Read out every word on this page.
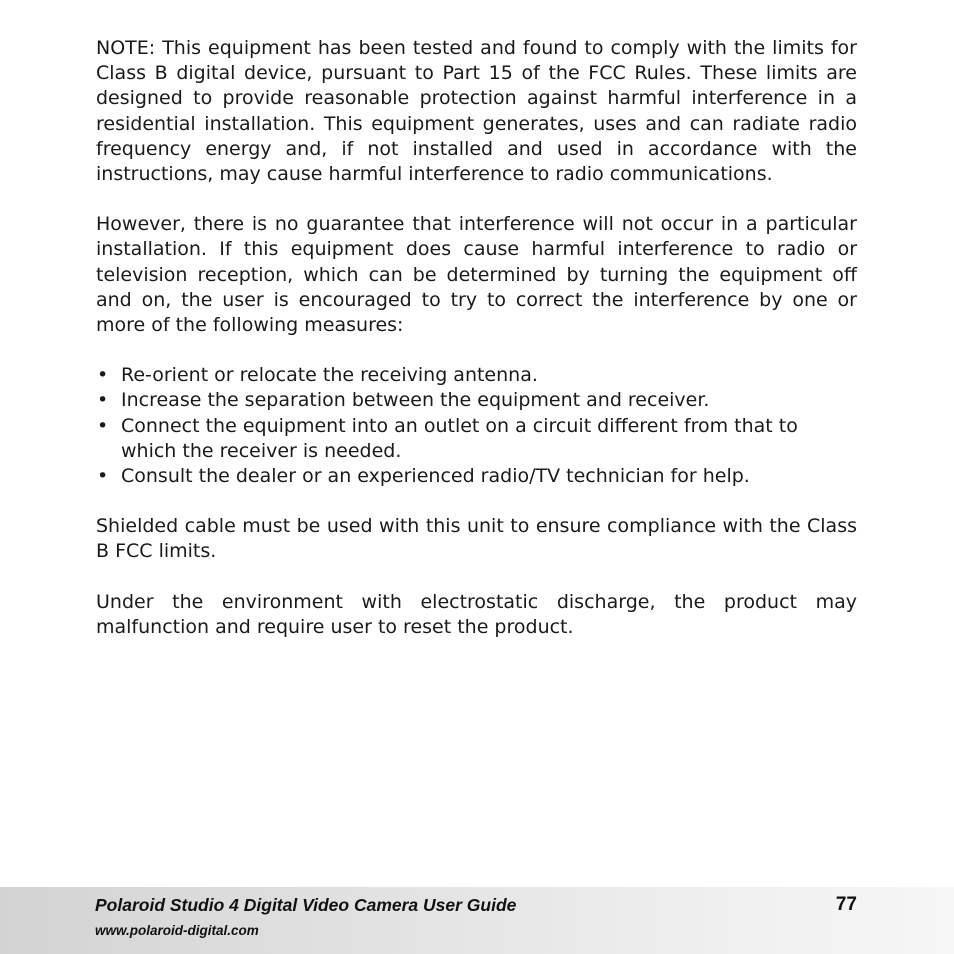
NOTE: This equipment has been tested and found to comply with the limits for Class B digital device, pursuant to Part 15 of the FCC Rules. These limits are designed to provide reasonable protection against harmful interference in a residential installation. This equipment generates, uses and can radiate radio frequency energy and, if not installed and used in accordance with the instructions, may cause harmful interference to radio communications.

However, there is no guarantee that interference will not occur in a particular installation. If this equipment does cause harmful interference to radio or television reception, which can be determined by turning the equipment off and on, the user is encouraged to try to correct the interference by one or more of the following measures:

• Re-orient or relocate the receiving antenna.
• Increase the separation between the equipment and receiver.
• Connect the equipment into an outlet on a circuit different from that to which the receiver is needed.
• Consult the dealer or an experienced radio/TV technician for help.

Shielded cable must be used with this unit to ensure compliance with the Class B FCC limits.

Under the environment with electrostatic discharge, the product may malfunction and require user to reset the product.

Polaroid Studio 4 Digital Video Camera User Guide
www.polaroid-digital.com
77
